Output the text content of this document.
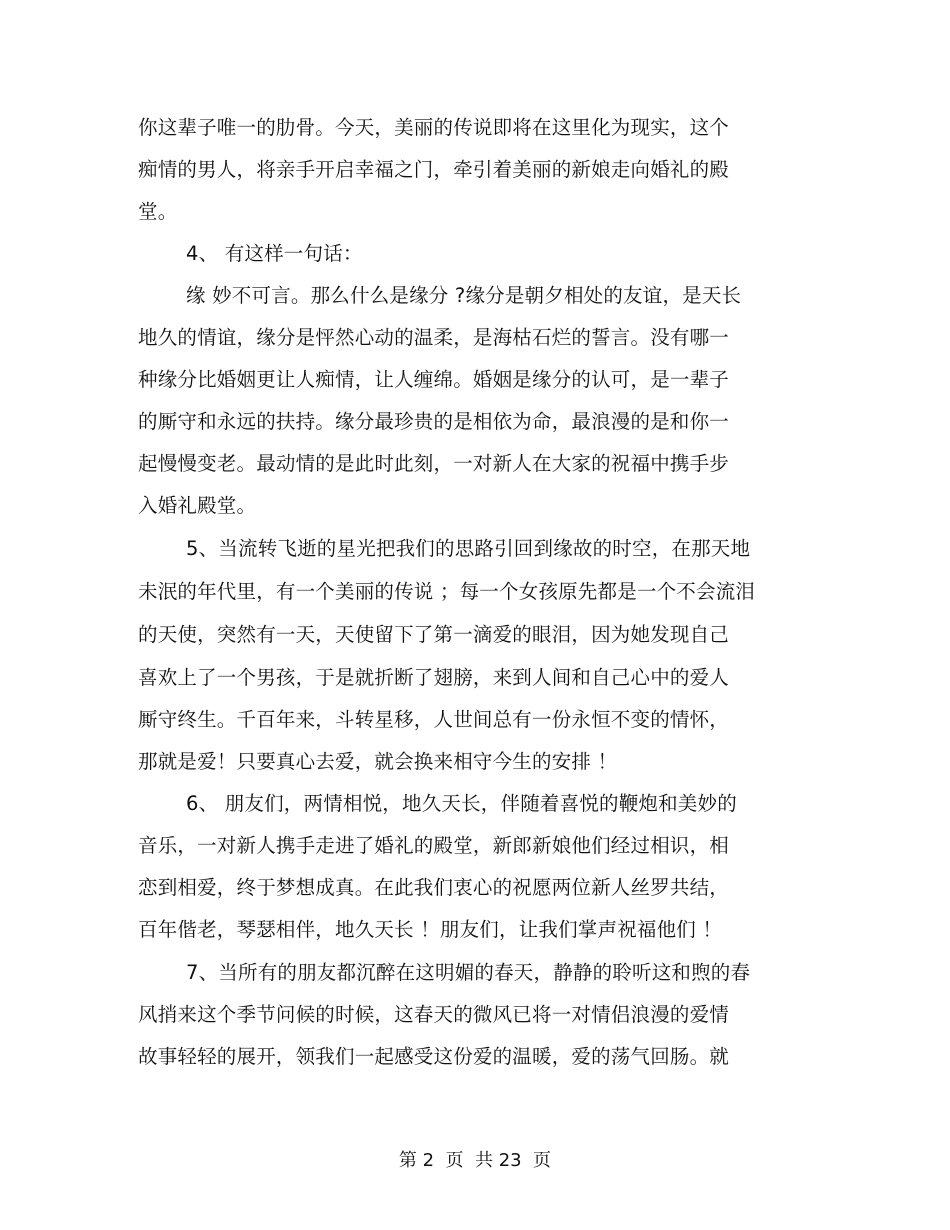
你这辈子唯一的肋骨。今天，美丽的传说即将在这里化为现实，这个
痴情的男人，将亲手开启幸福之门，牵引着美丽的新娘走向婚礼的殿
堂。
4、 有这样一句话：
缘 妙不可言。那么什么是缘分 ?缘分是朝夕相处的友谊，是天长
地久的情谊，缘分是怦然心动的温柔，是海枯石烂的誓言。没有哪一
种缘分比婚姻更让人痴情，让人缠绵。婚姻是缘分的认可，是一辈子
的厮守和永远的扶持。缘分最珍贵的是相依为命，最浪漫的是和你一
起慢慢变老。最动情的是此时此刻，一对新人在大家的祝福中携手步
入婚礼殿堂。
5、当流转飞逝的星光把我们的思路引回到缘故的时空，在那天地
未泯的年代里，有一个美丽的传说 ；每一个女孩原先都是一个不会流泪
的天使，突然有一天，天使留下了第一滴爱的眼泪，因为她发现自己
喜欢上了一个男孩，于是就折断了翅膀，来到人间和自己心中的爱人
厮守终生。千百年来，斗转星移，人世间总有一份永恒不变的情怀，
那就是爱！只要真心去爱，就会换来相守今生的安排 ！
6、 朋友们，两情相悦，地久天长，伴随着喜悦的鞭炮和美妙的
音乐，一对新人携手走进了婚礼的殿堂，新郎新娘他们经过相识，相
恋到相爱，终于梦想成真。在此我们衷心的祝愿两位新人丝罗共结，
百年偕老，琴瑟相伴，地久天长 ！朋友们，让我们掌声祝福他们 ！
7、当所有的朋友都沉醉在这明媚的春天，静静的聆听这和煦的春
风捎来这个季节问候的时候，这春天的微风已将一对情侣浪漫的爱情
故事轻轻的展开，领我们一起感受这份爱的温暖，爱的荡气回肠。就
第 2  页  共 23  页
